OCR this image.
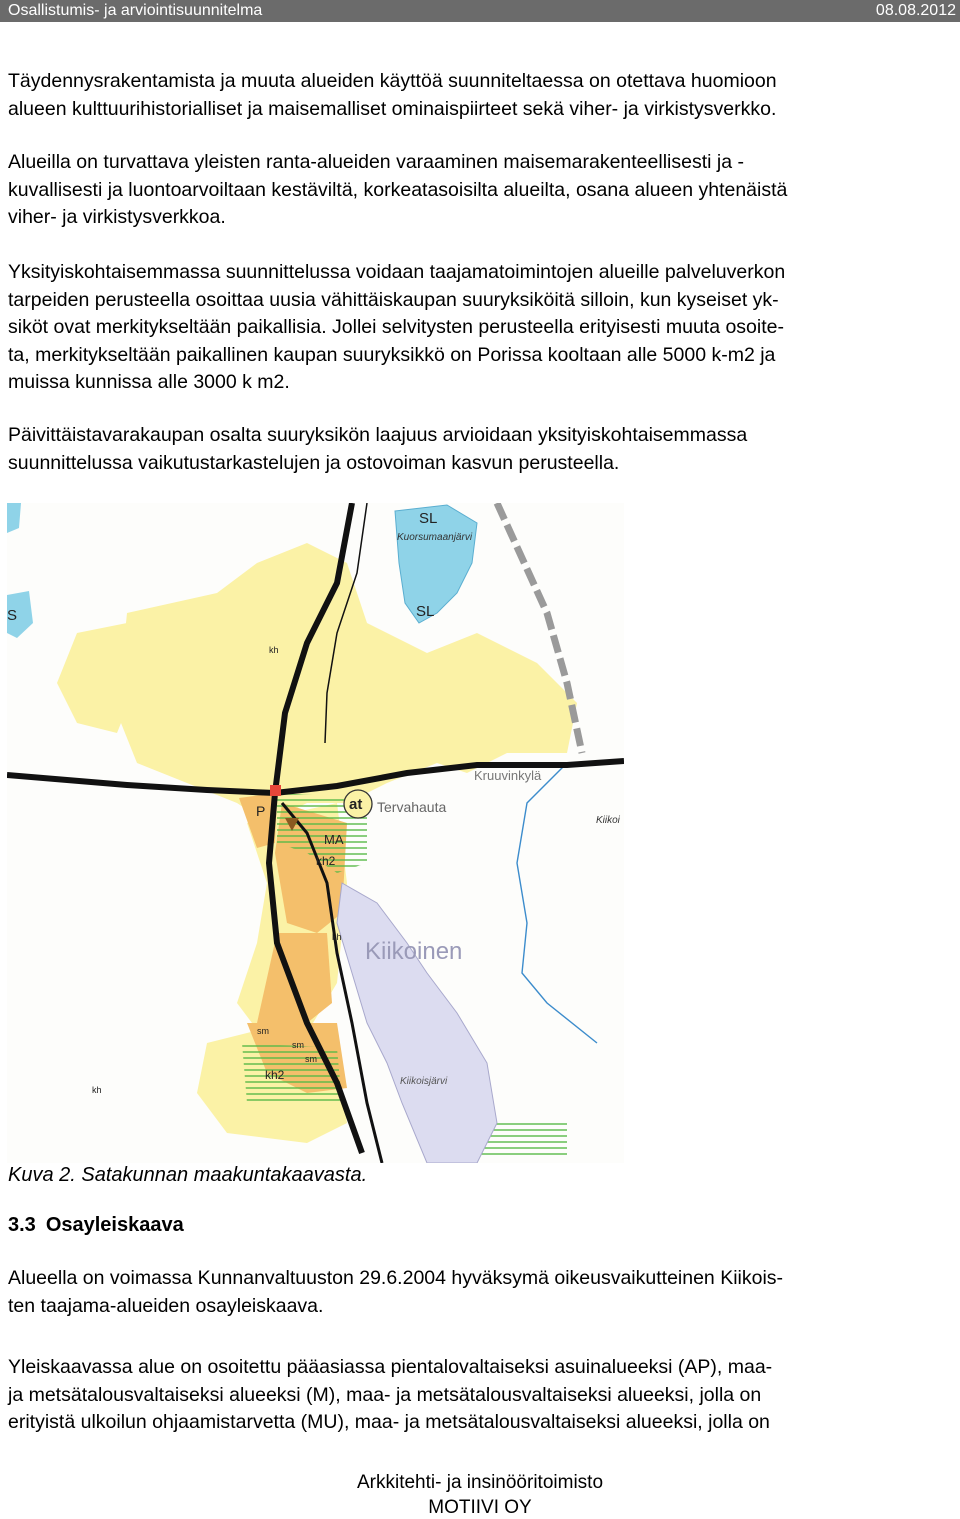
Osallistumis- ja arviointisuunnitelma	08.08.2012
Täydennysrakentamista ja muuta alueiden käyttöä suunniteltaessa on otettava huomioon
alueen kulttuurihistorialliset ja maisemalliset ominaispiirteet sekä viher- ja virkistysverkko.
Alueilla on turvattava yleisten ranta-alueiden varaaminen maisemarakenteellisesti ja -
kuvallisesti ja luontoarvoiltaan kestäviltä, korkeatasoisilta alueilta, osana alueen yhtenäistä
viher- ja virkistysverkkoa.
Yksityiskohtaisemmassa suunnittelussa voidaan taajamatoimintojen alueille palveluverkon
tarpeiden perusteella osoittaa uusia vähittäiskaupan suuryksiköitä silloin, kun kyseiset yk-
siköt ovat merkitykseltään paikallisia. Jollei selvitysten perusteella erityisesti muuta osoite-
ta, merkitykseltään paikallinen kaupan suuryksikkö on Porissa kooltaan alle 5000 k-m2 ja
muissa kunnissa alle 3000 k m2.
Päivittäistavarakaupan osalta suuryksikön laajuus arvioidaan yksityiskohtaisemmassa
suunnittelussa vaikutustarkastelujen ja ostovoiman kasvun perusteella.
SL
Kuorsumaanjärvi
SL
S
kh
Kruuvinkylä
P	at Tervahauta
Kiikoi
MA
kh2
kh
Kiikoinen
sm
sm
sm
kh
kh2	Kiikoisjärvi
Kuva 2. Satakunnan maakuntakaavasta.
3.3 Osayleiskaava
Alueella on voimassa Kunnanvaltuuston 29.6.2004 hyväksymä oikeusvaikutteinen Kiikois-
ten taajama-alueiden osayleiskaava.
Yleiskaavassa alue on osoitettu pääasiassa pientalovaltaiseksi asuinalueeksi (AP), maa-
ja metsätalousvaltaiseksi alueeksi (M), maa- ja metsätalousvaltaiseksi alueeksi, jolla on
erityistä ulkoilun ohjaamistarvetta (MU), maa- ja metsätalousvaltaiseksi alueeksi, jolla on
Arkkitehti- ja insinööritoimisto
MOTIIVI OY
